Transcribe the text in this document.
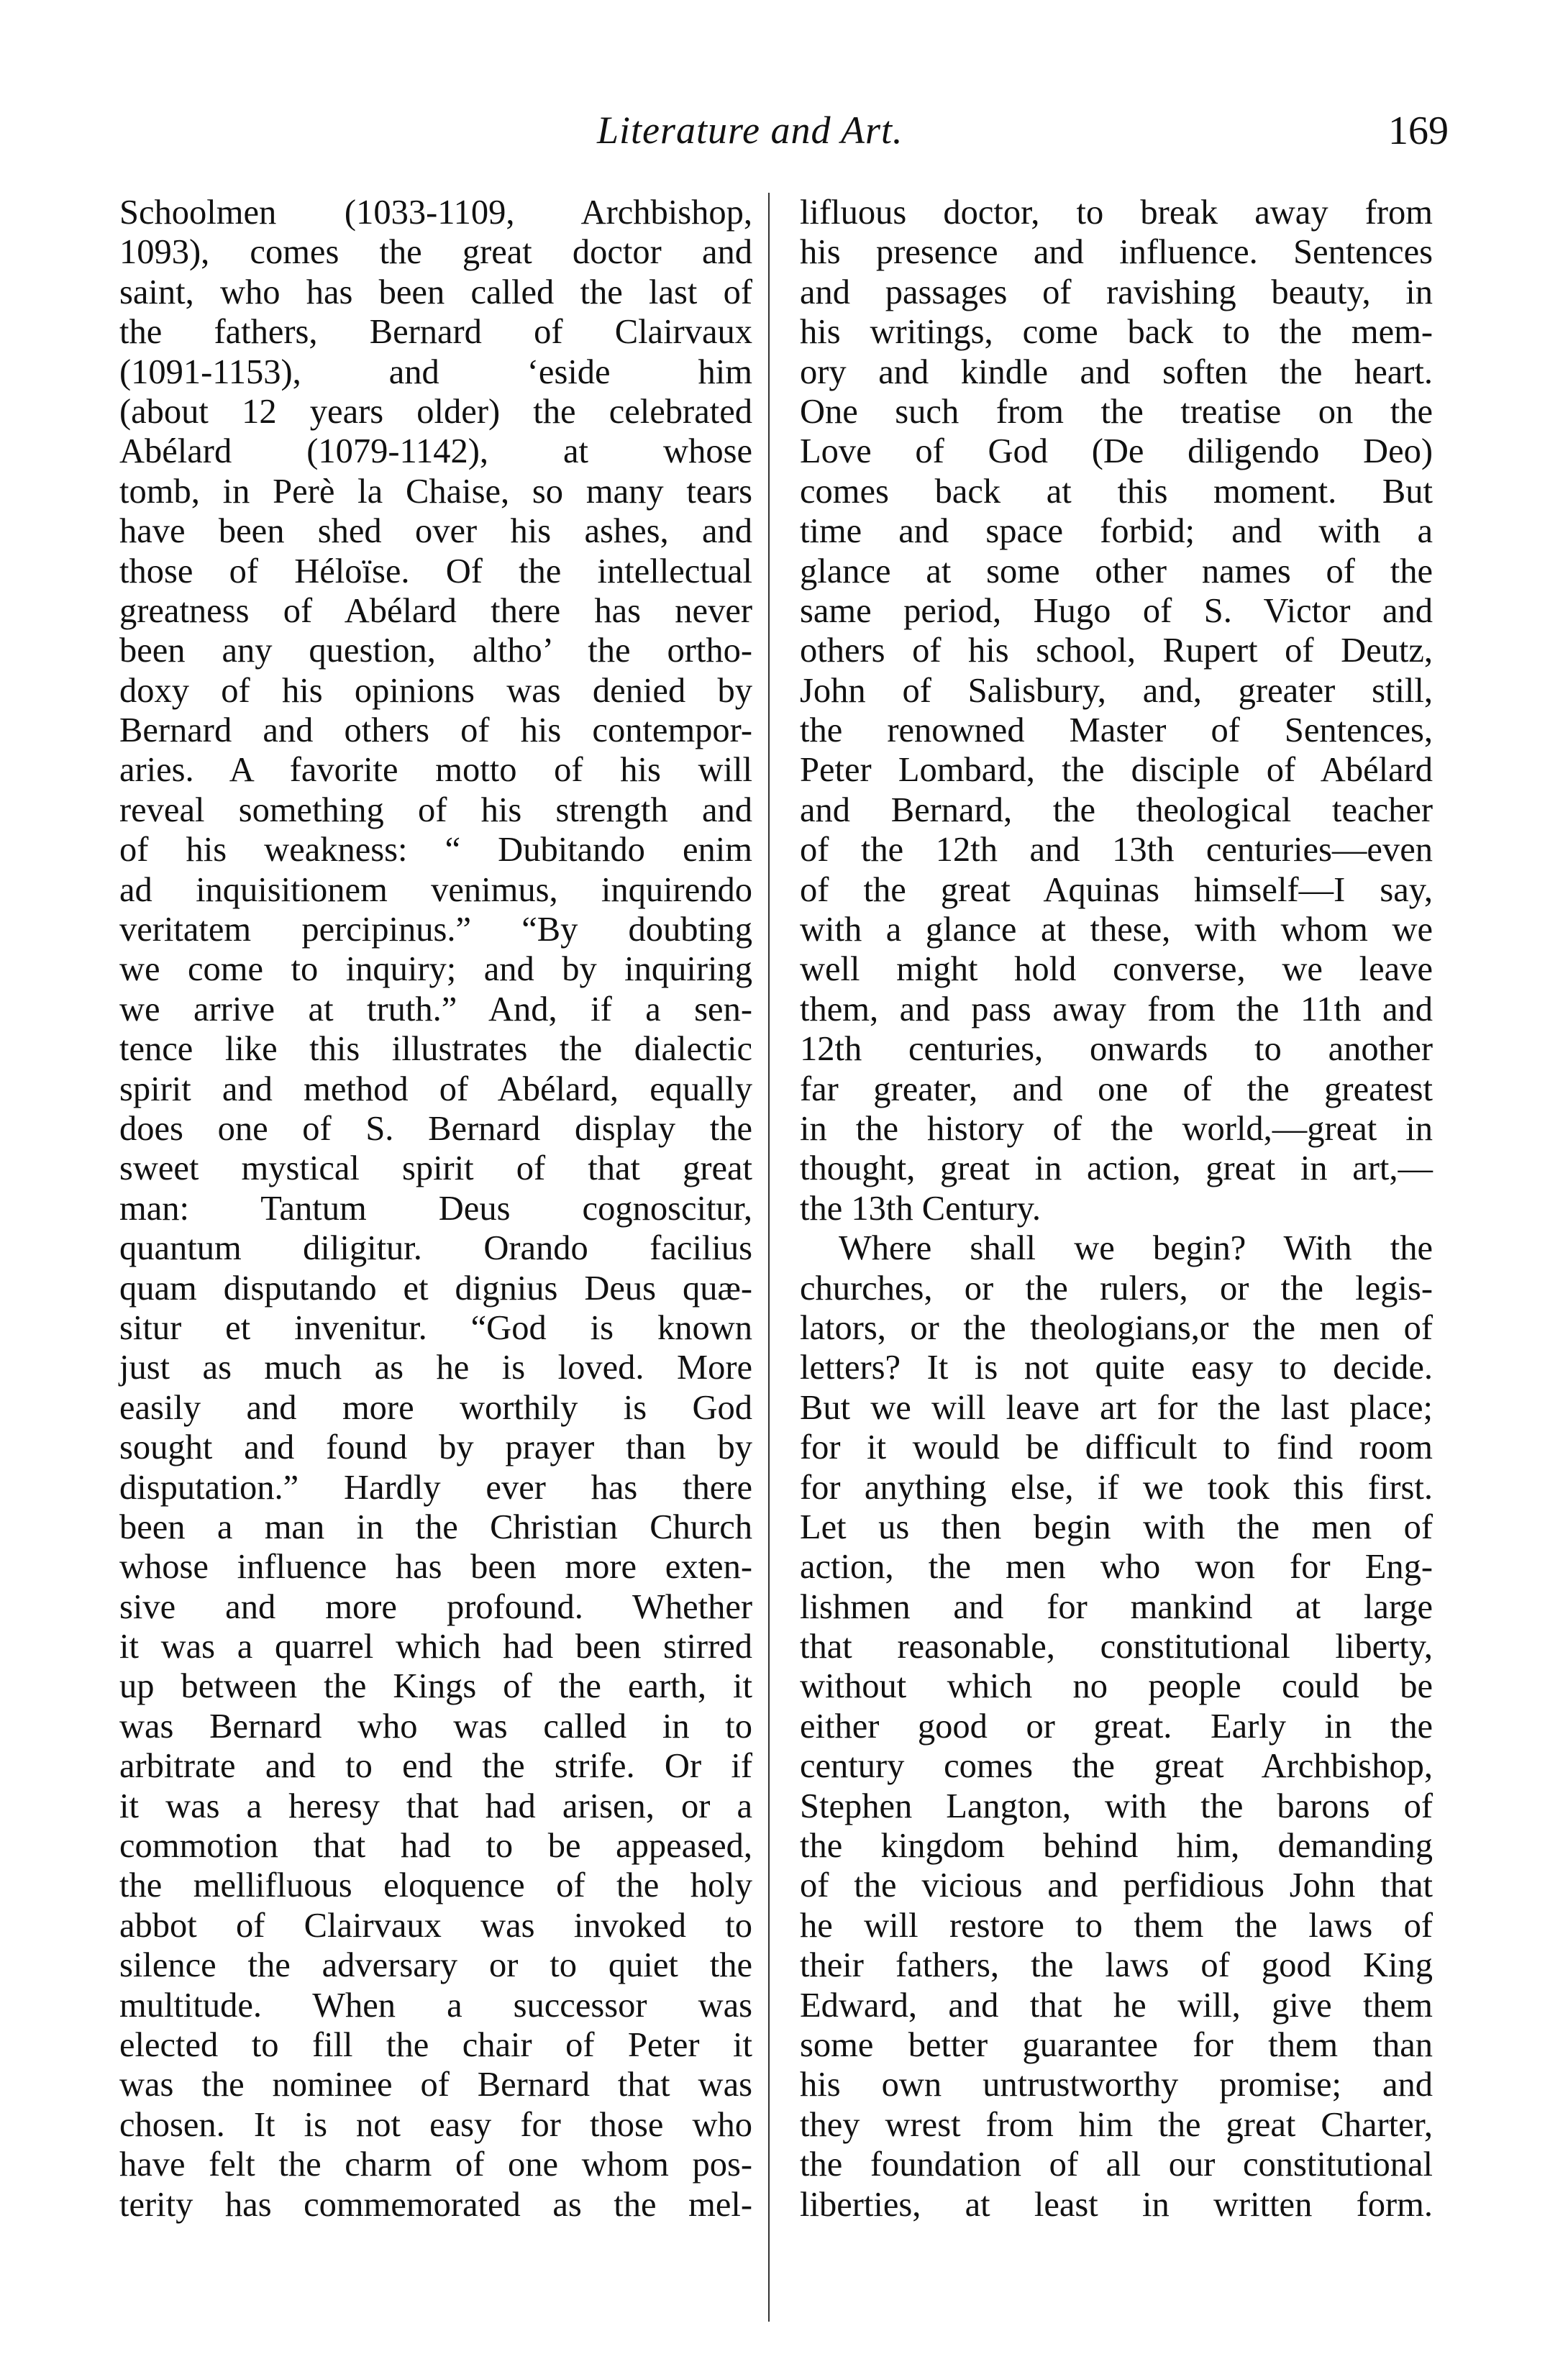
Literature and Art.	169
Schoolmen (1033-1109, Archbishop,
1093), comes the great doctor and
saint, who has been called the last of
the fathers, Bernard of Clairvaux
(1091-1153), and ‘eside him
(about 12 years older) the celebrated
Abélard (1079-1142), at whose
tomb, in Perè la Chaise, so many tears
have been shed over his ashes, and
those of Héloïse. Of the intellectual
greatness of Abélard there has never
been any question, altho’ the ortho-
doxy of his opinions was denied by
Bernard and others of his contempor-
aries. A favorite motto of his will
reveal something of his strength and
of his weakness: “ Dubitando enim
ad inquisitionem venimus, inquirendo
veritatem percipinus.” “By doubting
we come to inquiry; and by inquiring
we arrive at truth.” And, if a sen-
tence like this illustrates the dialectic
spirit and method of Abélard, equally
does one of S. Bernard display the
sweet mystical spirit of that great
man: Tantum Deus cognoscitur,
quantum diligitur. Orando facilius
quam disputando et dignius Deus quæ-
situr et invenitur. “God is known
just as much as he is loved. More
easily and more worthily is God
sought and found by prayer than by
disputation.” Hardly ever has there
been a man in the Christian Church
whose influence has been more exten-
sive and more profound. Whether
it was a quarrel which had been stirred
up between the Kings of the earth, it
was Bernard who was called in to
arbitrate and to end the strife. Or if
it was a heresy that had arisen, or a
commotion that had to be appeased,
the mellifluous eloquence of the holy
abbot of Clairvaux was invoked to
silence the adversary or to quiet the
multitude. When a successor was
elected to fill the chair of Peter it
was the nominee of Bernard that was
chosen. It is not easy for those who
have felt the charm of one whom pos-
terity has commemorated as the mel-
lifluous doctor, to break away from
his presence and influence. Sentences
and passages of ravishing beauty, in
his writings, come back to the mem-
ory and kindle and soften the heart.
One such from the treatise on the
Love of God (De diligendo Deo)
comes back at this moment. But
time and space forbid; and with a
glance at some other names of the
same period, Hugo of S. Victor and
others of his school, Rupert of Deutz,
John of Salisbury, and, greater still,
the renowned Master of Sentences,
Peter Lombard, the disciple of Abélard
and Bernard, the theological teacher
of the 12th and 13th centuries—even
of the great Aquinas himself—I say,
with a glance at these, with whom we
well might hold converse, we leave
them, and pass away from the 11th and
12th centuries, onwards to another
far greater, and one of the greatest
in the history of the world,—great in
thought, great in action, great in art,—
the 13th Century.
Where shall we begin? With the
churches, or the rulers, or the legis-
lators, or the theologians,or the men of
letters? It is not quite easy to decide.
But we will leave art for the last place;
for it would be difficult to find room
for anything else, if we took this first.
Let us then begin with the men of
action, the men who won for Eng-
lishmen and for mankind at large
that reasonable, constitutional liberty,
without which no people could be
either good or great. Early in the
century comes the great Archbishop,
Stephen Langton, with the barons of
the kingdom behind him, demanding
of the vicious and perfidious John that
he will restore to them the laws of
their fathers, the laws of good King
Edward, and that he will, give them
some better guarantee for them than
his own untrustworthy promise; and
they wrest from him the great Charter,
the foundation of all our constitutional
liberties, at least in written form.
